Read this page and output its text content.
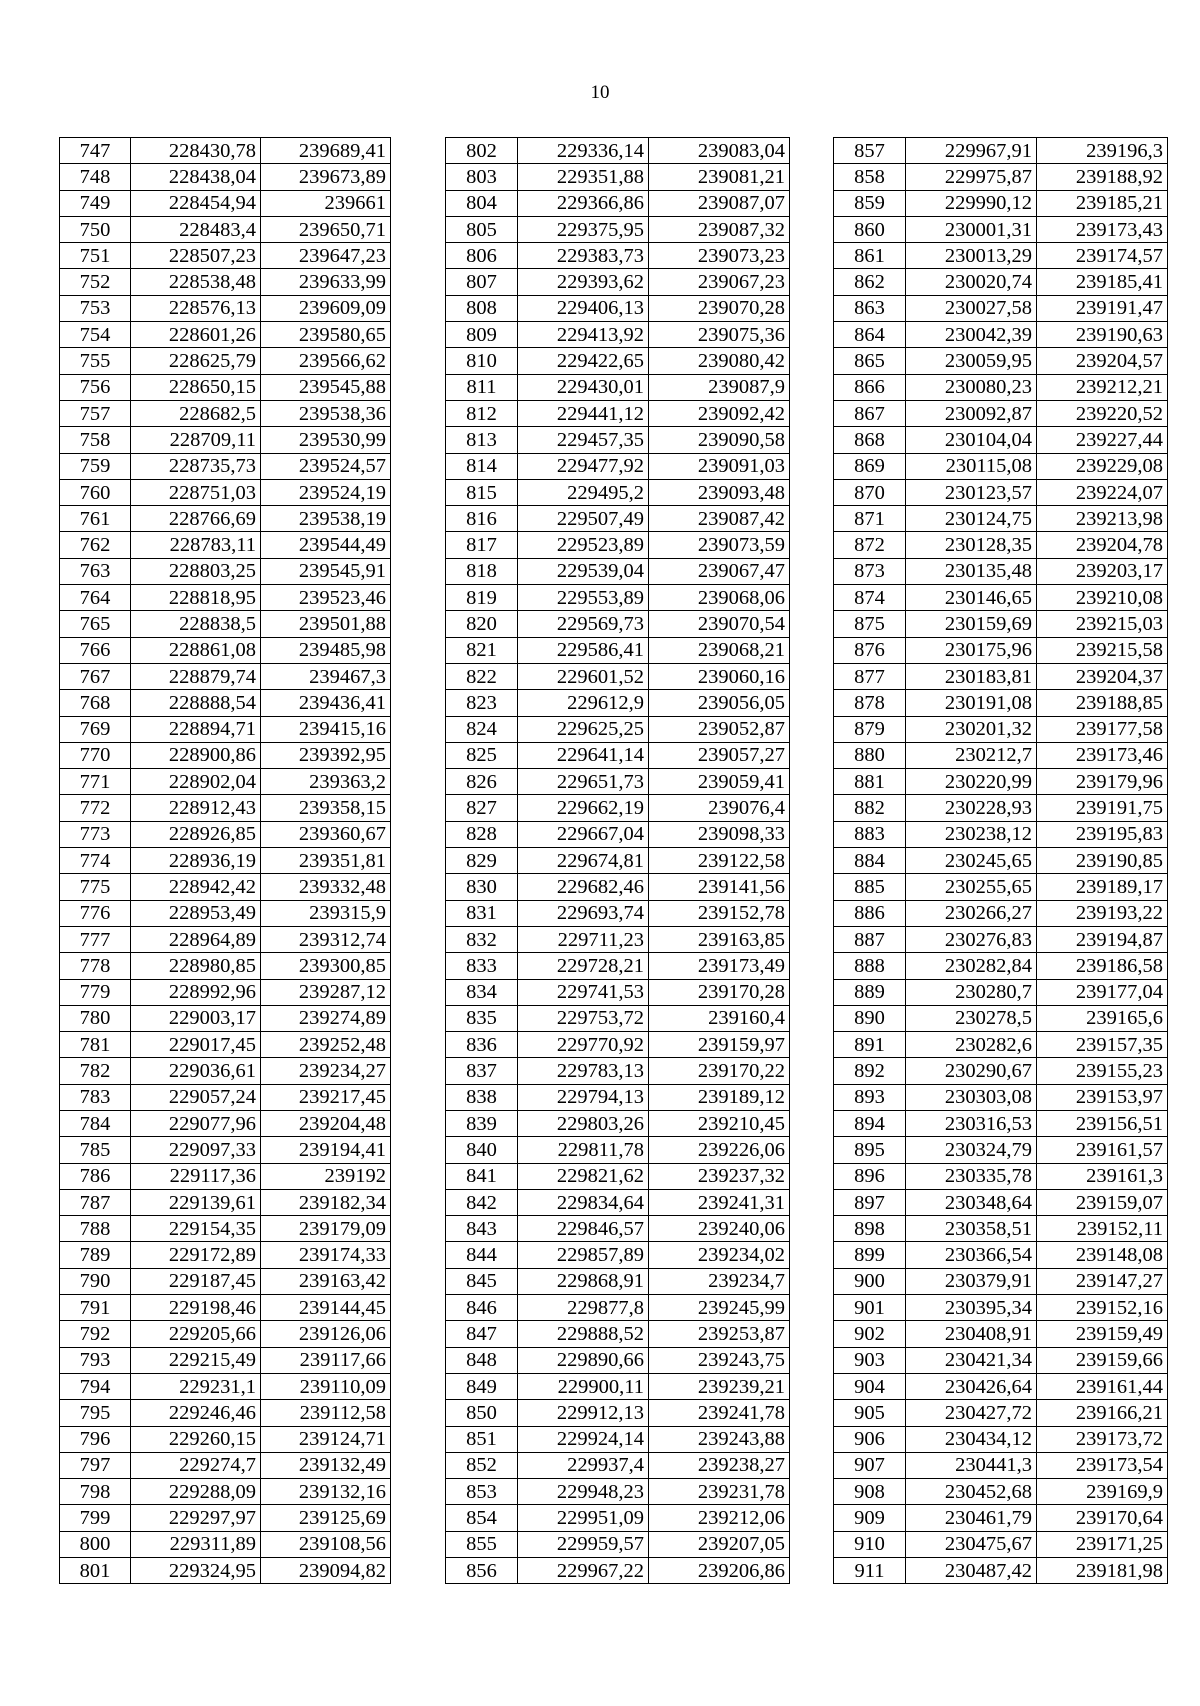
10
747	228430,78	239689,41
748	228438,04	239673,89
749	228454,94	239661
750	228483,4	239650,71
751	228507,23	239647,23
752	228538,48	239633,99
753	228576,13	239609,09
754	228601,26	239580,65
755	228625,79	239566,62
756	228650,15	239545,88
757	228682,5	239538,36
758	228709,11	239530,99
759	228735,73	239524,57
760	228751,03	239524,19
761	228766,69	239538,19
762	228783,11	239544,49
763	228803,25	239545,91
764	228818,95	239523,46
765	228838,5	239501,88
766	228861,08	239485,98
767	228879,74	239467,3
768	228888,54	239436,41
769	228894,71	239415,16
770	228900,86	239392,95
771	228902,04	239363,2
772	228912,43	239358,15
773	228926,85	239360,67
774	228936,19	239351,81
775	228942,42	239332,48
776	228953,49	239315,9
777	228964,89	239312,74
778	228980,85	239300,85
779	228992,96	239287,12
780	229003,17	239274,89
781	229017,45	239252,48
782	229036,61	239234,27
783	229057,24	239217,45
784	229077,96	239204,48
785	229097,33	239194,41
786	229117,36	239192
787	229139,61	239182,34
788	229154,35	239179,09
789	229172,89	239174,33
790	229187,45	239163,42
791	229198,46	239144,45
792	229205,66	239126,06
793	229215,49	239117,66
794	229231,1	239110,09
795	229246,46	239112,58
796	229260,15	239124,71
797	229274,7	239132,49
798	229288,09	239132,16
799	229297,97	239125,69
800	229311,89	239108,56
801	229324,95	239094,82
802	229336,14	239083,04
803	229351,88	239081,21
804	229366,86	239087,07
805	229375,95	239087,32
806	229383,73	239073,23
807	229393,62	239067,23
808	229406,13	239070,28
809	229413,92	239075,36
810	229422,65	239080,42
811	229430,01	239087,9
812	229441,12	239092,42
813	229457,35	239090,58
814	229477,92	239091,03
815	229495,2	239093,48
816	229507,49	239087,42
817	229523,89	239073,59
818	229539,04	239067,47
819	229553,89	239068,06
820	229569,73	239070,54
821	229586,41	239068,21
822	229601,52	239060,16
823	229612,9	239056,05
824	229625,25	239052,87
825	229641,14	239057,27
826	229651,73	239059,41
827	229662,19	239076,4
828	229667,04	239098,33
829	229674,81	239122,58
830	229682,46	239141,56
831	229693,74	239152,78
832	229711,23	239163,85
833	229728,21	239173,49
834	229741,53	239170,28
835	229753,72	239160,4
836	229770,92	239159,97
837	229783,13	239170,22
838	229794,13	239189,12
839	229803,26	239210,45
840	229811,78	239226,06
841	229821,62	239237,32
842	229834,64	239241,31
843	229846,57	239240,06
844	229857,89	239234,02
845	229868,91	239234,7
846	229877,8	239245,99
847	229888,52	239253,87
848	229890,66	239243,75
849	229900,11	239239,21
850	229912,13	239241,78
851	229924,14	239243,88
852	229937,4	239238,27
853	229948,23	239231,78
854	229951,09	239212,06
855	229959,57	239207,05
856	229967,22	239206,86
857	229967,91	239196,3
858	229975,87	239188,92
859	229990,12	239185,21
860	230001,31	239173,43
861	230013,29	239174,57
862	230020,74	239185,41
863	230027,58	239191,47
864	230042,39	239190,63
865	230059,95	239204,57
866	230080,23	239212,21
867	230092,87	239220,52
868	230104,04	239227,44
869	230115,08	239229,08
870	230123,57	239224,07
871	230124,75	239213,98
872	230128,35	239204,78
873	230135,48	239203,17
874	230146,65	239210,08
875	230159,69	239215,03
876	230175,96	239215,58
877	230183,81	239204,37
878	230191,08	239188,85
879	230201,32	239177,58
880	230212,7	239173,46
881	230220,99	239179,96
882	230228,93	239191,75
883	230238,12	239195,83
884	230245,65	239190,85
885	230255,65	239189,17
886	230266,27	239193,22
887	230276,83	239194,87
888	230282,84	239186,58
889	230280,7	239177,04
890	230278,5	239165,6
891	230282,6	239157,35
892	230290,67	239155,23
893	230303,08	239153,97
894	230316,53	239156,51
895	230324,79	239161,57
896	230335,78	239161,3
897	230348,64	239159,07
898	230358,51	239152,11
899	230366,54	239148,08
900	230379,91	239147,27
901	230395,34	239152,16
902	230408,91	239159,49
903	230421,34	239159,66
904	230426,64	239161,44
905	230427,72	239166,21
906	230434,12	239173,72
907	230441,3	239173,54
908	230452,68	239169,9
909	230461,79	239170,64
910	230475,67	239171,25
911	230487,42	239181,98
